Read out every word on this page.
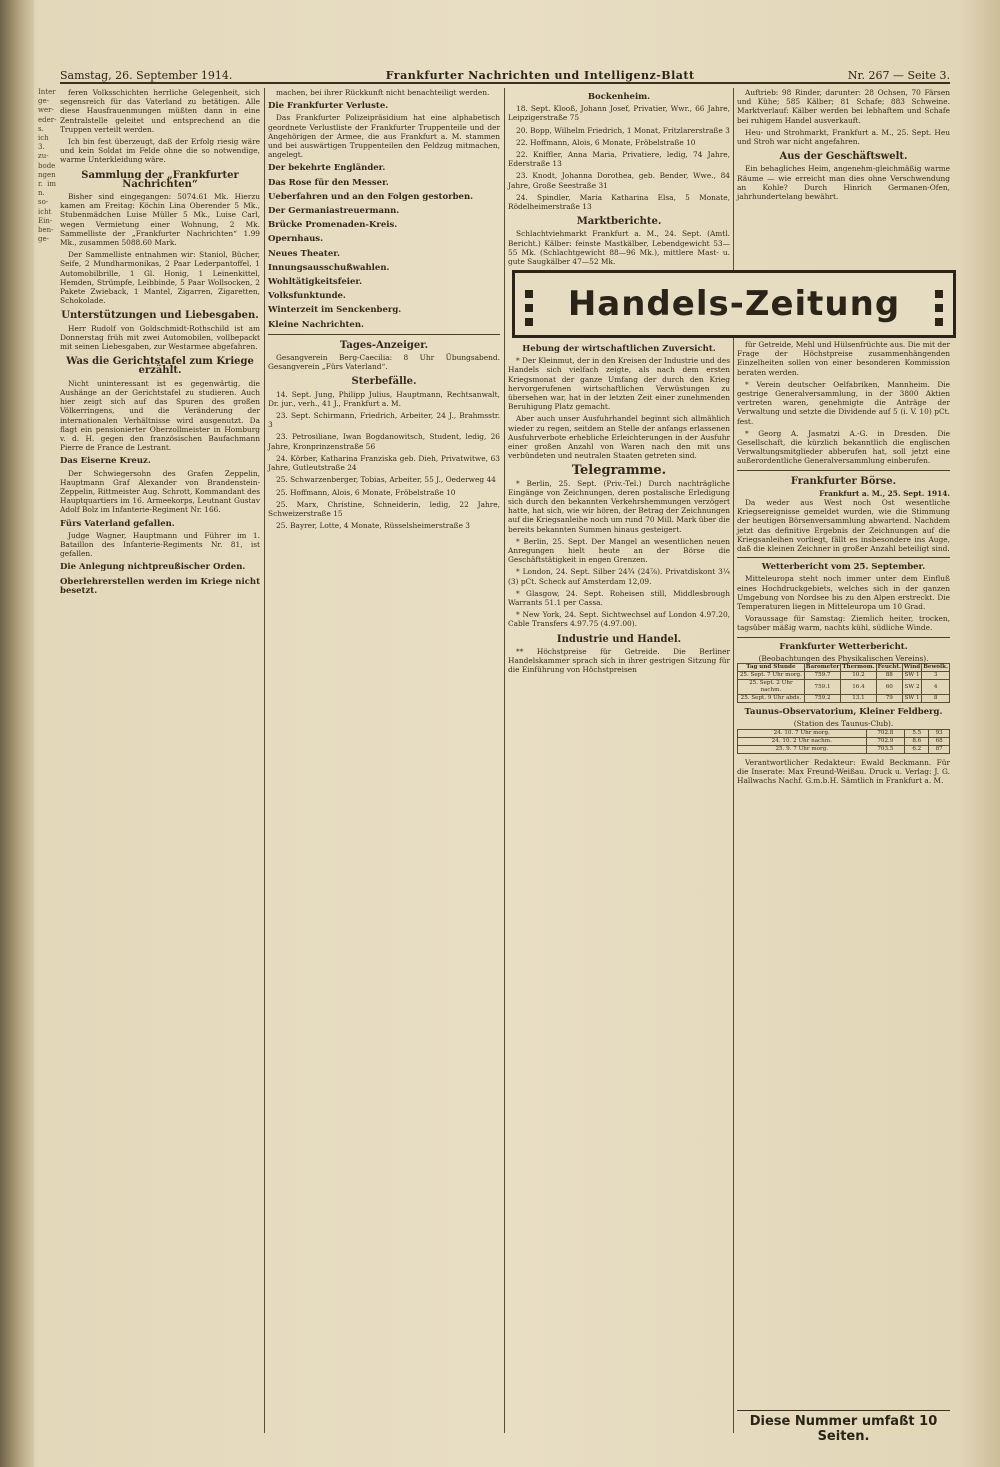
Samstag, 26. September 1914.	Frankfurter Nachrichten und Intelligenz-Blatt	Nr. 267 — Seite 3.
Inter ge- wer- eder- s. ich 3. zu- bode ngen r. im n. so- icht Ein- ben- ge-

feren Volksschichten herrliche Gelegenheit, sich segensreich für das Vaterland zu betätigen. Alle diese Hausfrauenmungen müßten dann in eine Zentralstelle geleitet und entsprechend an die Truppen verteilt werden.

Ich bin fest überzeugt, daß der Erfolg riesig wäre und kein Soldat im Felde ohne die so notwendige, warme Unterkleidung wäre.

Sammlung der „Frankfurter Nachrichten“

Bisher sind eingegangen: 5074.61 Mk. Hierzu kamen am Freitag: Köchin Lina Oberender 5 Mk., Stubenmädchen Luise Müller 5 Mk., Luise Carl, wegen Vermietung einer Wohnung, 2 Mk. Sammelliste der „Frankfurter Nachrichten“ 1.99 Mk., zusammen 5088.60 Mark.

Der Sammelliste entnahmen wir: Staniol, Bücher, Seife, 2 Mundharmonikas, 2 Paar Lederpantoffel, 1 Automobilbrille, 1 Gl. Honig, 1 Leinenkittel, Hemden, Strümpfe, Leibbinde, 5 Paar Wollsocken, 2 Pakete Zwieback, 1 Mantel, Zigarren, Zigaretten, Schokolade.

Unterstützungen und Liebesgaben.

Herr Rudolf von Goldschmidt-Rothschild ist am Donnerstag früh mit zwei Automobilen, vollbepackt mit seinen Liebesgaben, zur Westarmee abgefahren.

Was die Gerichtstafel zum Kriege erzählt.

Nicht uninteressant ist es gegenwärtig, die Aushänge an der Gerichtstafel zu studieren. Auch hier zeigt sich auf das Spuren des großen Völkerringens, und die Veränderung der internationalen Verhältnisse wird ausgenutzt. Da flagt ein pensionierter Oberzollmeister in Homburg v. d. H. gegen den französischen Baufachmann Pierre de France de Lestrant.

Das Eiserne Kreuz.

Der Schwiegersohn des Grafen Zeppelin, Hauptmann Graf Alexander von Brandenstein-Zeppelin, Rittmeister Aug. Schrott, Kommandant des Hauptquartiers im 16. Armeekorps, Leutnant Gustav Adolf Bolz im Infanterie-Regiment Nr. 166.

Fürs Vaterland gefallen.

Judge Wagner, Hauptmann und Führer im 1. Bataillon des Infanterie-Regiments Nr. 81, ist gefallen.

Die Anlegung nichtpreußischer Orden.
Oberlehrerstellen werden im Kriege nicht besetzt.

machen, bei ihrer Rückkunft nicht benachteiligt werden.

Die Frankfurter Verluste.

Das Frankfurter Polizeipräsidium hat eine alphabetisch geordnete Verlustliste der Frankfurter Truppenteile und der Angehörigen der Armee, die aus Frankfurt a. M. stammen und bei auswärtigen Truppenteilen den Feldzug mitmachen, angelegt.

Der bekehrte Engländer.
Das Rose für den Messer.
Ueberfahren und an den Folgen gestorben.
Der Germaniastreuermann.
Brücke Promenaden-Kreis.
Opernhaus.
Neues Theater.
Innungsausschußwahlen.
Wohltätigkeitsfeier.
Volksfunktunde.
Winterzeit im Senckenberg.
Kleine Nachrichten.
Tages-Anzeiger.

Gesangverein Berg-Caecilia: 8 Uhr Übungsabend. Gesangverein „Fürs Vaterland“.

Sterbefälle.

14. Sept. Jung, Philipp Julius, Hauptmann, Rechtsanwalt, Dr. jur., verh., 41 J., Frankfurt a. M.

23. Sept. Schirmann, Friedrich, Arbeiter, 24 J., Brahmsstr. 3

23. Petrosiliane, Iwan Bogdanowitsch, Student, ledig, 26 Jahre, Kronprinzenstraße 56

24. Körber, Katharina Franziska geb. Dieh, Privatwitwe, 63 Jahre, Gutleutstraße 24

25. Schwarzenberger, Tobias, Arbeiter, 55 J., Oederweg 44

25. Hoffmann, Alois, 6 Monate, Fröbelstraße 10

25. Marx, Christine, Schneiderin, ledig, 22 Jahre, Schweizerstraße 15

25. Bayrer, Lotte, 4 Monate, Rüsselsheimerstraße 3

Bockenheim.

18. Sept. Klooß, Johann Josef, Privatier, Wwr., 66 Jahre, Leipzigerstraße 75

20. Bopp, Wilhelm Friedrich, 1 Monat, Fritzlarerstraße 3

22. Hoffmann, Alois, 6 Monate, Fröbelstraße 10

22. Kniffler, Anna Maria, Privatiere, ledig, 74 Jahre, Ederstraße 13

23. Knodt, Johanna Dorothea, geb. Bender, Wwe., 84 Jahre, Große Seestraße 31

24. Spindler, Maria Katharina Elsa, 5 Monate, Rödelheimerstraße 13

Marktberichte.

Schlachtviehmarkt Frankfurt a. M., 24. Sept. (Amtl. Bericht.) Kälber: feinste Mastkälber, Lebendgewicht 53—55 Mk. (Schlachtgewicht 88—96 Mk.), mittlere Mast- u. gute Saugkälber 47—52 Mk.

Auftrieb: 98 Rinder, darunter: 28 Ochsen, 70 Färsen und Kühe; 585 Kälber; 81 Schafe; 883 Schweine. Marktverlauf: Kälber werden bei lebhaftem und Schafe bei ruhigem Handel ausverkauft.

Heu- und Strohmarkt, Frankfurt a. M., 25. Sept. Heu und Stroh war nicht angefahren.

Aus der Geschäftswelt.

Ein behagliches Heim, angenehm-gleichmäßig warme Räume — wie erreicht man dies ohne Verschwendung an Kohle? Durch Hinrich Germanen-Ofen, jahrhundertelang bewährt.

Handels-Zeitung
Hebung der wirtschaftlichen Zuversicht.

* Der Kleinmut, der in den Kreisen der Industrie und des Handels sich vielfach zeigte, als nach dem ersten Kriegsmonat der ganze Umfang der durch den Krieg hervorgerufenen wirtschaftlichen Verwüstungen zu übersehen war, hat in der letzten Zeit einer zunehmenden Beruhigung Platz gemacht.

Aber auch unser Ausfuhrhandel beginnt sich allmählich wieder zu regen, seitdem an Stelle der anfangs erlassenen Ausfuhrverbote erhebliche Erleichterungen in der Ausfuhr einer großen Anzahl von Waren nach den mit uns verbündeten und neutralen Staaten getreten sind.

Telegramme.

* Berlin, 25. Sept. (Priv.-Tel.) Durch nachträgliche Eingänge von Zeichnungen, deren postalische Erledigung sich durch den bekannten Verkehrshemmungen verzögert hatte, hat sich, wie wir hören, der Betrag der Zeichnungen auf die Kriegsanleihe noch um rund 70 Mill. Mark über die bereits bekannten Summen hinaus gesteigert.

* Berlin, 25. Sept. Der Mangel an wesentlichen neuen Anregungen hielt heute an der Börse die Geschäftstätigkeit in engen Grenzen.

* London, 24. Sept. Silber 24¾ (24⅞). Privatdiskont 3¼ (3) pCt. Scheck auf Amsterdam 12,09.

* Glasgow, 24. Sept. Roheisen still, Middlesbrough Warrants 51.1 per Cassa.

* New York, 24. Sept. Sichtwechsel auf London 4.97.20, Cable Transfers 4.97.75 (4.97.00).

Industrie und Handel.

** Höchstpreise für Getreide. Die Berliner Handelskammer sprach sich in ihrer gestrigen Sitzung für die Einführung von Höchstpreisen

für Getreide, Mehl und Hülsenfrüchte aus. Die mit der Frage der Höchstpreise zusammenhängenden Einzelheiten sollen von einer besonderen Kommission beraten werden.

* Verein deutscher Oelfabriken, Mannheim. Die gestrige Generalversammlung, in der 3800 Aktien vertreten waren, genehmigte die Anträge der Verwaltung und setzte die Dividende auf 5 (i. V. 10) pCt. fest.

* Georg A. Jasmatzi A.-G. in Dresden. Die Gesellschaft, die kürzlich bekanntlich die englischen Verwaltungsmitglieder abberufen hat, soll jetzt eine außerordentliche Generalversammlung einberufen.

Frankfurter Börse.
Frankfurt a. M., 25. Sept. 1914.

Da weder aus West noch Ost wesentliche Kriegsereignisse gemeldet wurden, wie die Stimmung der heutigen Börsenversammlung abwartend. Nachdem jetzt das definitive Ergebnis der Zeichnungen auf die Kriegsanleihen vorliegt, fällt es insbesondere ins Auge, daß die kleinen Zeichner in großer Anzahl beteiligt sind.

Wetterbericht vom 25. September.

Mitteleuropa steht noch immer unter dem Einfluß eines Hochdruckgebiets, welches sich in der ganzen Umgebung von Nordsee bis zu den Alpen erstreckt. Die Temperaturen liegen in Mitteleuropa um 10 Grad.

Voraussage für Samstag: Ziemlich heiter, trocken, tagsüber mäßig warm, nachts kühl, südliche Winde.

Frankfurter Wetterbericht.
(Beobachtungen des Physikalischen Vereins).
Tag und Stunde	Barometer	Thermom.	Feucht.	Wind	Bewölk.
25. Sept. 7 Uhr morg.	759.7	10.2	88	SW 1	3
25. Sept. 2 Uhr nachm.	759.1	16.4	60	SW 2	4
25. Sept. 9 Uhr abds.	759.2	13.1	79	SW 1	8
Taunus-Observatorium, Kleiner Feldberg.
(Station des Taunus-Club).
24. 10. 7 Uhr morg.	702.8	5.5	93
24. 10. 2 Uhr nachm.	702.9	8.6	68
25. 9. 7 Uhr morg.	703.5	6.2	87

Verantwortlicher Redakteur: Ewald Beckmann. Für die Inserate: Max Freund-Weißau. Druck u. Verlag: J. G. Hallwachs Nachf. G.m.b.H. Sämtlich in Frankfurt a. M.

Diese Nummer umfaßt 10 Seiten.
